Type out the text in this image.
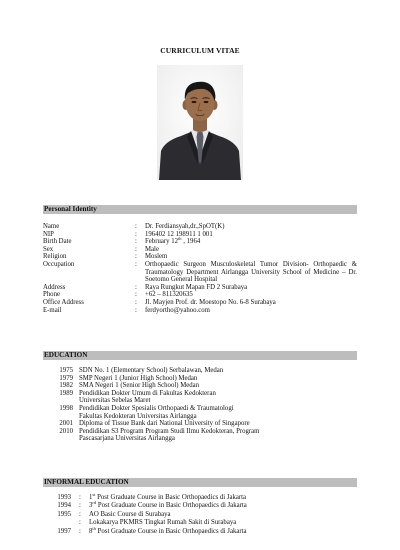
CURRICULUM VITAE
Personal Identity
Name	:	Dr. Ferdiansyah,dr.,SpOT(K)
NIP	:	196402 12 198911 1 001
Birth Date	:	February 12th , 1964
Sex	:	Male
Religion	:	Moslem
Occupation	:	Orthopaedic Surgeon Musculoskeletal Tumor Division- Orthopaedic & Traumatology Department Airlangga University School of Medicine – Dr. Soetomo General Hospital
Address	:	Raya Rungkut Mapan FD 2 Surabaya
Phone	:	+62 – 811320635
Office Address	:	Jl. Mayjen Prof. dr. Moestopo No. 6-8 Surabaya
E-mail	:	ferdyortho@yahoo.com
EDUCATION
1975 SDN No. 1 (Elementary School) Serbalawan, Medan
1979 SMP Negeri 1 (Junior High School) Medan
1982 SMA Negeri 1 (Senior High School) Medan
1989 Pendidikan Dokter Umum di Fakultas Kedokteran
Universitas Sebelas Maret
1998 Pendidikan Dokter Spesialis Orthopaedi & Traumatologi
Fakultas Kedokteran Universitas Airlangga
2001 Diploma of Tissue Bank dari National University of Singapore
2010 Pendidikan S3 Program Program Studi Ilmu Kedokteran, Program
Pascasarjana Universitas Airlangga
INFORMAL EDUCATION
1993	:	1st Post Graduate Course in Basic Orthopaedics di Jakarta
1994	:	3rd Post Graduate Course in Basic Orthopaedics di Jakarta
1995	:	AO Basic Course di Surabaya
:	Lokakarya PKMRS Tingkat Rumah Sakit di Surabaya
1997	:	8th Post Graduate Course in Basic Orthopaedics di Jakarta
